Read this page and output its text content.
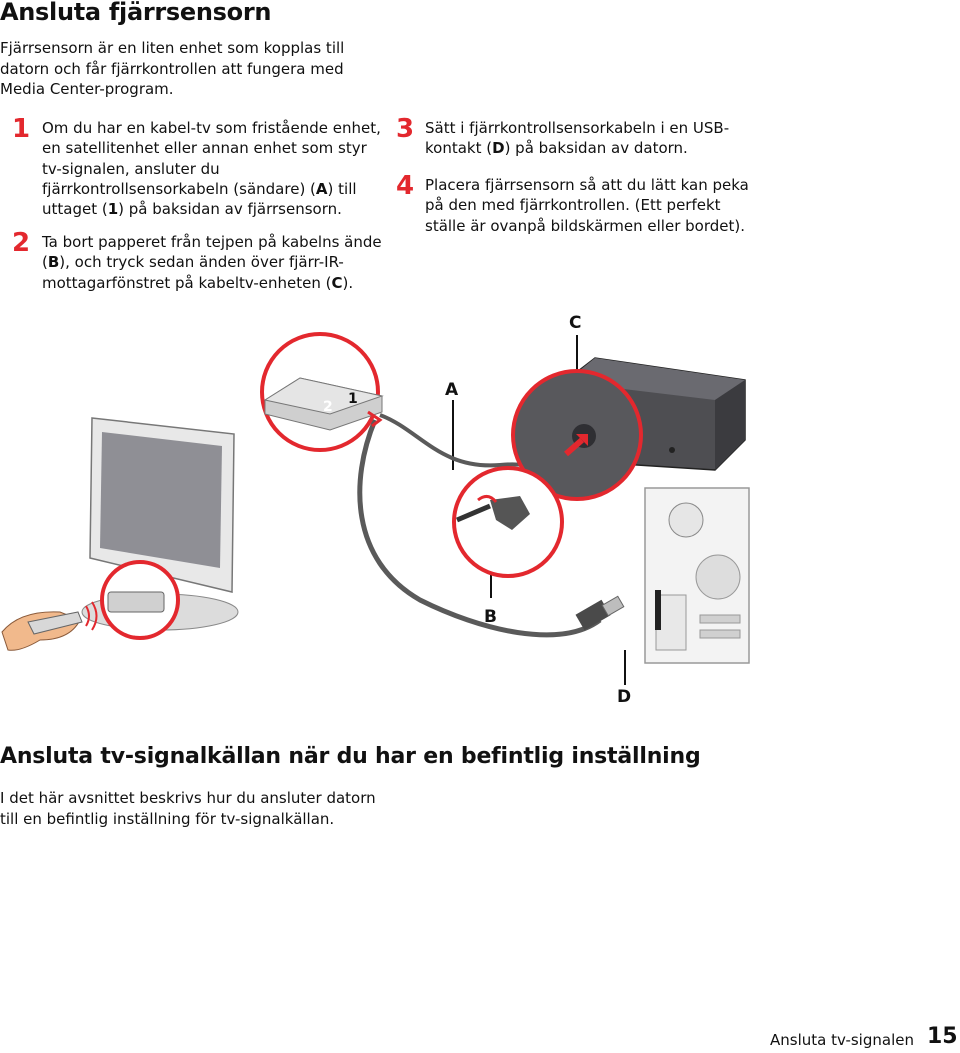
Ansluta fjärrsensorn

Fjärrsensorn är en liten enhet som kopplas till datorn och får fjärrkontrollen att fungera med Media Center-program.

1 Om du har en kabel-tv som fristående enhet, en satellitenhet eller annan enhet som styr tv-signalen, ansluter du fjärrkontrollsensorkabeln (sändare) (A) till uttaget (1) på baksidan av fjärrsensorn.

2 Ta bort papperet från tejpen på kabelns ände (B), och tryck sedan änden över fjärr-IR-mottagarfönstret på kabeltv-enheten (C).

3 Sätt i fjärrkontrollsensorkabeln i en USB-kontakt (D) på baksidan av datorn.

4 Placera fjärrsensorn så att du lätt kan peka på den med fjärrkontrollen. (Ett perfekt ställe är ovanpå bildskärmen eller bordet).

C
A
B
D
2 1
Ansluta tv-signalkällan när du har en befintlig inställning

I det här avsnittet beskrivs hur du ansluter datorn till en befintlig inställning för tv-signalkällan.

Ansluta tv-signalen 15
